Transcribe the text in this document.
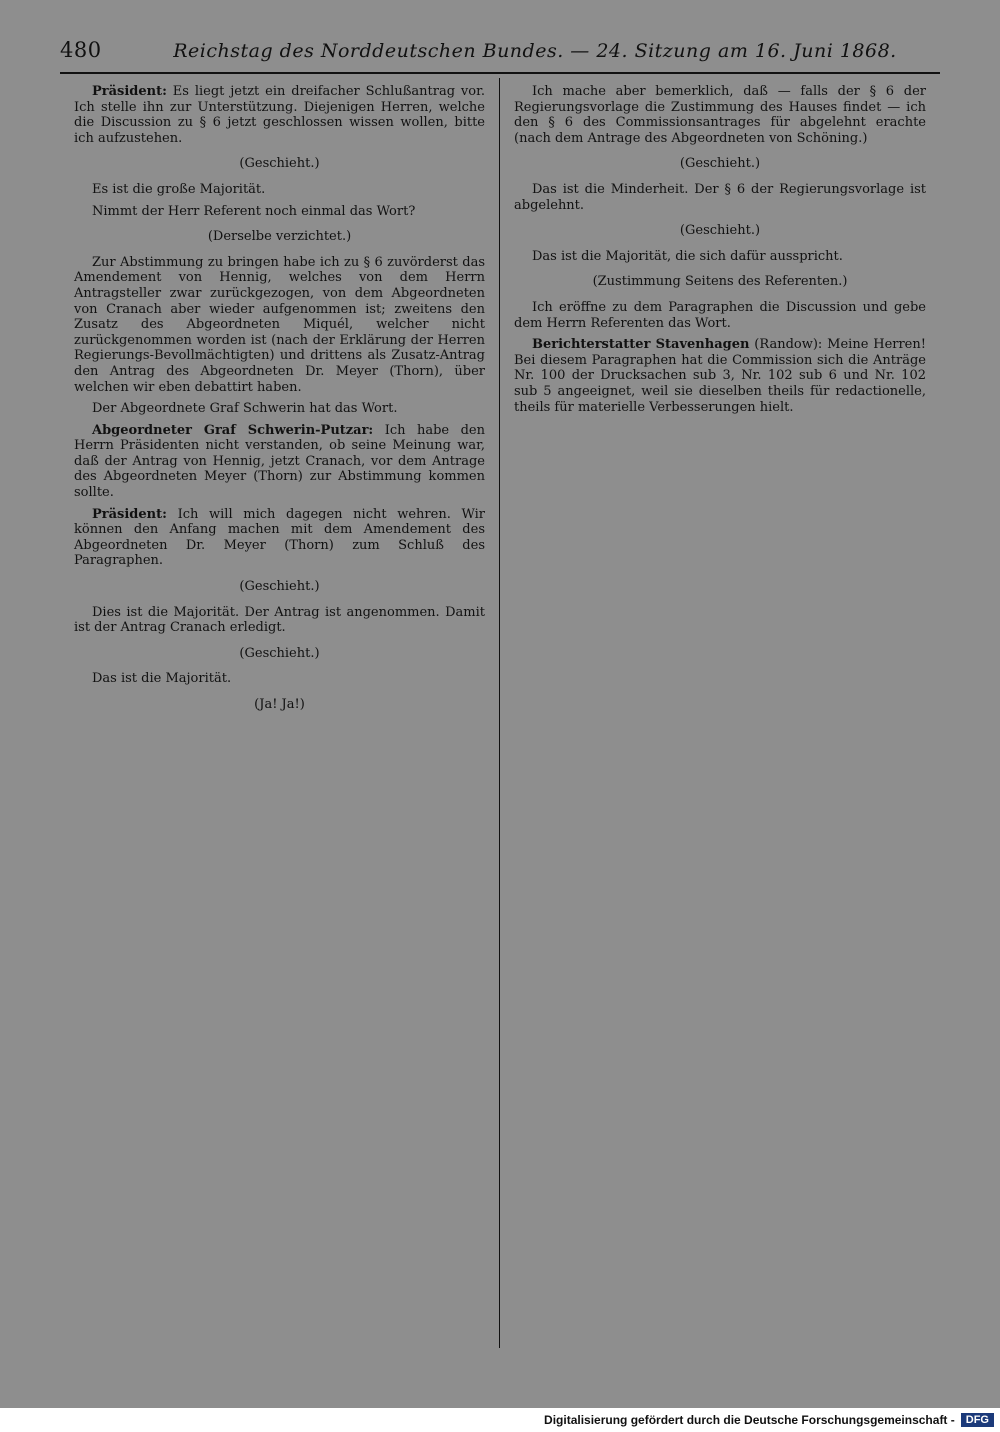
480	Reichstag des Norddeutschen Bundes. — 24. Sitzung am 16. Juni 1868.

Präsident: Es liegt jetzt ein dreifacher Schlußantrag vor. Ich stelle ihn zur Unterstützung. Diejenigen Herren, welche die Discussion zu § 6 jetzt geschlossen wissen wollen, bitte ich aufzustehen.

(Geschieht.)

Es ist die große Majorität.

Nimmt der Herr Referent noch einmal das Wort?

(Derselbe verzichtet.)

Zur Abstimmung zu bringen habe ich zu § 6 zuvörderst das Amendement von Hennig, welches von dem Herrn Antragsteller zwar zurückgezogen, von dem Abgeordneten von Cranach aber wieder aufgenommen ist; zweitens den Zusatz des Abgeordneten Miquél, welcher nicht zurückgenommen worden ist (nach der Erklärung der Herren Regierungs-Bevollmächtigten) und drittens als Zusatz-Antrag den Antrag des Abgeordneten Dr. Meyer (Thorn), über welchen wir eben debattirt haben.

Der Abgeordnete Graf Schwerin hat das Wort.

Abgeordneter Graf Schwerin-Putzar: Ich habe den Herrn Präsidenten nicht verstanden, ob seine Meinung war, daß der Antrag von Hennig, jetzt Cranach, vor dem Antrage des Abgeordneten Meyer (Thorn) zur Abstimmung kommen sollte.

Präsident: Ich will mich dagegen nicht wehren. Wir können den Anfang machen mit dem Amendement des Abgeordneten Dr. Meyer (Thorn) zum Schluß des Paragraphen.

(Geschieht.)

Dies ist die Majorität. Der Antrag ist angenommen. Damit ist der Antrag Cranach erledigt.

(Geschieht.)

Das ist die Majorität.

(Ja! Ja!)

Ich mache aber bemerklich, daß — falls der § 6 der Regierungsvorlage die Zustimmung des Hauses findet — ich den § 6 des Commissionsantrages für abgelehnt erachte (nach dem Antrage des Abgeordneten von Schöning.)

(Geschieht.)

Das ist die Minderheit. Der § 6 der Regierungsvorlage ist abgelehnt.

(Geschieht.)

Das ist die Majorität, die sich dafür ausspricht.

(Zustimmung Seitens des Referenten.)

Ich eröffne zu dem Paragraphen die Discussion und gebe dem Herrn Referenten das Wort.

Berichterstatter Stavenhagen (Randow): Meine Herren! Bei diesem Paragraphen hat die Commission sich die Anträge Nr. 100 der Drucksachen sub 3, Nr. 102 sub 6 und Nr. 102 sub 5 angeeignet, weil sie dieselben theils für redactionelle, theils für materielle Verbesserungen hielt.

Digitalisierung gefördert durch die Deutsche Forschungsgemeinschaft -	DFG
